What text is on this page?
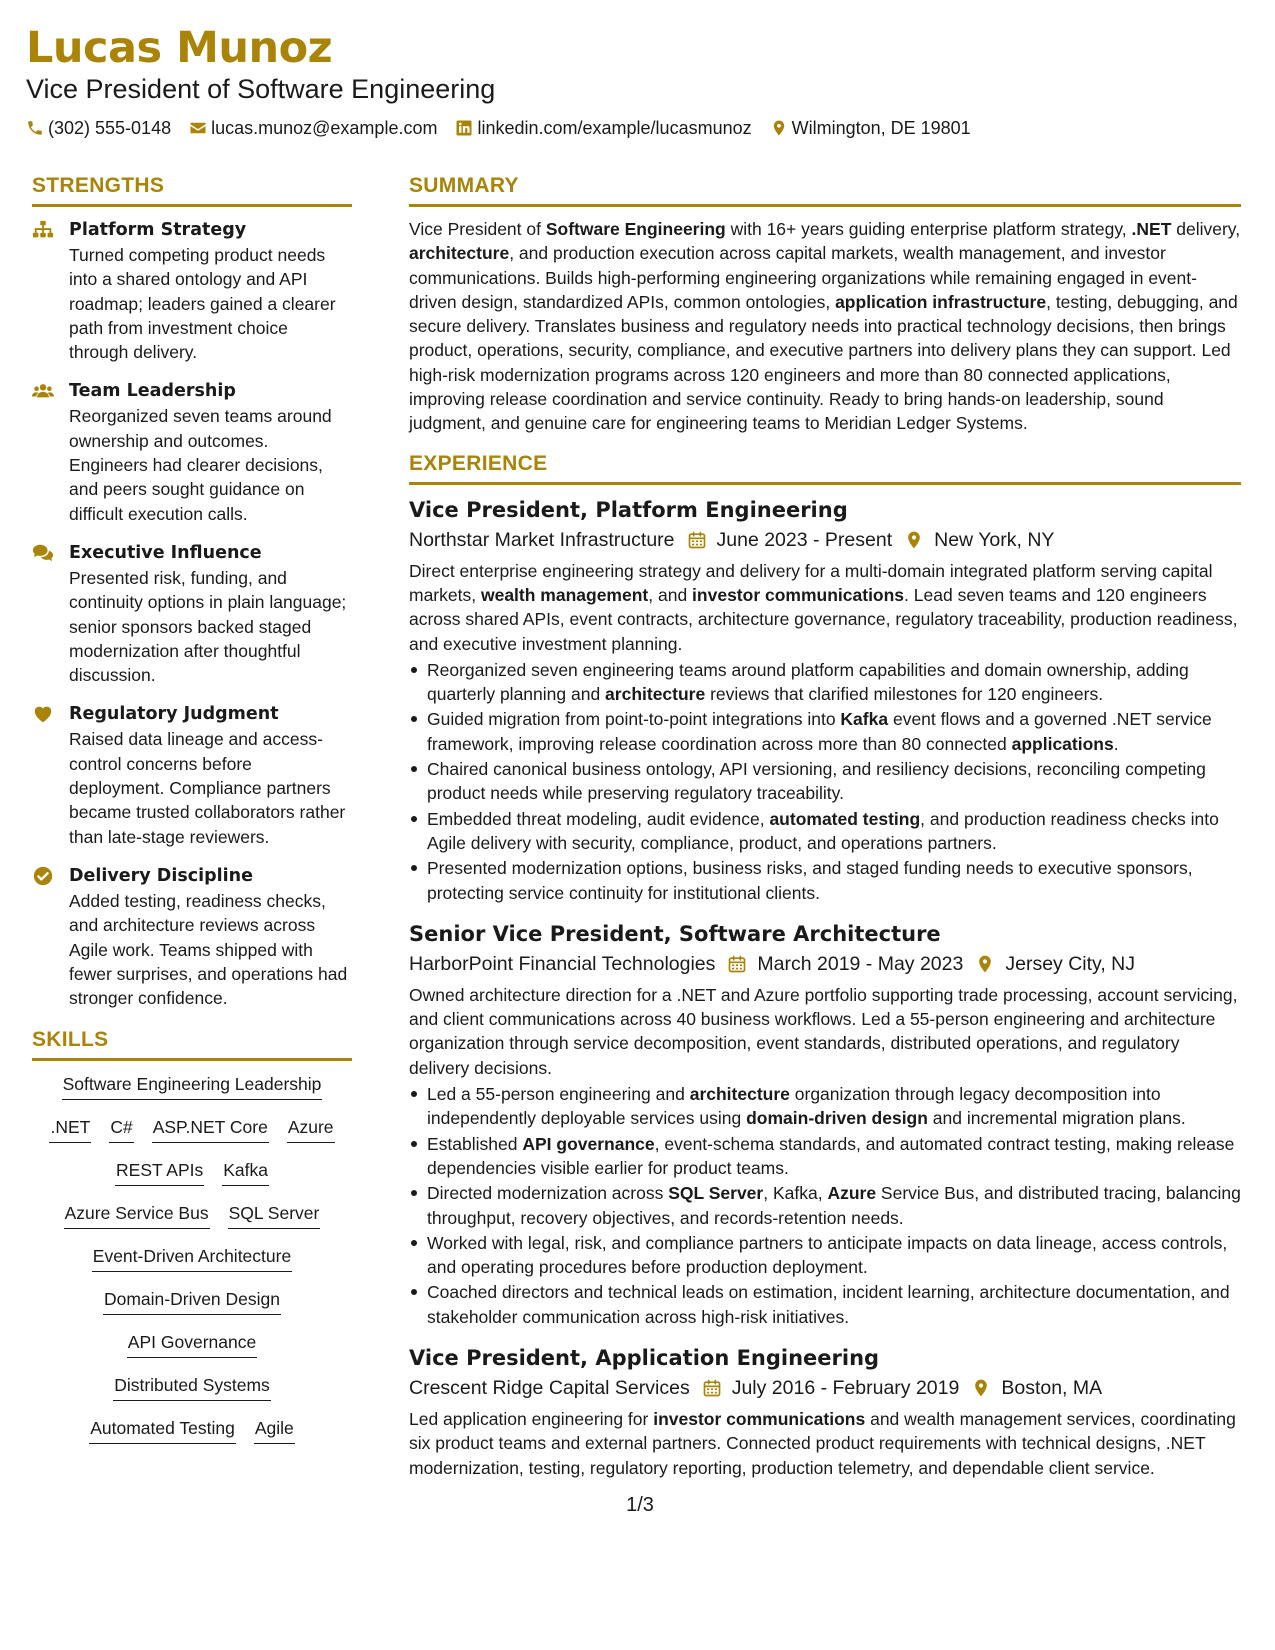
Lucas Munoz
Vice President of Software Engineering
(302) 555-0148 lucas.munoz@example.com linkedin.com/example/lucasmunoz Wilmington, DE 19801
STRENGTHS
Platform Strategy
Turned competing product needs into a shared ontology and API roadmap; leaders gained a clearer path from investment choice through delivery.
Team Leadership
Reorganized seven teams around ownership and outcomes. Engineers had clearer decisions, and peers sought guidance on difficult execution calls.
Executive Influence
Presented risk, funding, and continuity options in plain language; senior sponsors backed staged modernization after thoughtful discussion.
Regulatory Judgment
Raised data lineage and access-control concerns before deployment. Compliance partners became trusted collaborators rather than late-stage reviewers.
Delivery Discipline
Added testing, readiness checks, and architecture reviews across Agile work. Teams shipped with fewer surprises, and operations had stronger confidence.
SKILLS
Software Engineering Leadership
.NET C# ASP.NET Core Azure
REST APIs Kafka
Azure Service Bus SQL Server
Event-Driven Architecture
Domain-Driven Design
API Governance
Distributed Systems
Automated Testing Agile
SUMMARY

Vice President of Software Engineering with 16+ years guiding enterprise platform strategy, .NET delivery, architecture, and production execution across capital markets, wealth management, and investor communications. Builds high-performing engineering organizations while remaining engaged in event-driven design, standardized APIs, common ontologies, application infrastructure, testing, debugging, and secure delivery. Translates business and regulatory needs into practical technology decisions, then brings product, operations, security, compliance, and executive partners into delivery plans they can support. Led high-risk modernization programs across 120 engineers and more than 80 connected applications, improving release coordination and service continuity. Ready to bring hands-on leadership, sound judgment, and genuine care for engineering teams to Meridian Ledger Systems.

EXPERIENCE
Vice President, Platform Engineering
Northstar Market Infrastructure June 2023 - Present New York, NY

Direct enterprise engineering strategy and delivery for a multi-domain integrated platform serving capital markets, wealth management, and investor communications. Lead seven teams and 120 engineers across shared APIs, event contracts, architecture governance, regulatory traceability, production readiness, and executive investment planning.

Reorganized seven engineering teams around platform capabilities and domain ownership, adding quarterly planning and architecture reviews that clarified milestones for 120 engineers.
Guided migration from point-to-point integrations into Kafka event flows and a governed .NET service framework, improving release coordination across more than 80 connected applications.
Chaired canonical business ontology, API versioning, and resiliency decisions, reconciling competing product needs while preserving regulatory traceability.
Embedded threat modeling, audit evidence, automated testing, and production readiness checks into Agile delivery with security, compliance, product, and operations partners.
Presented modernization options, business risks, and staged funding needs to executive sponsors, protecting service continuity for institutional clients.
Senior Vice President, Software Architecture
HarborPoint Financial Technologies March 2019 - May 2023 Jersey City, NJ

Owned architecture direction for a .NET and Azure portfolio supporting trade processing, account servicing, and client communications across 40 business workflows. Led a 55-person engineering and architecture organization through service decomposition, event standards, distributed operations, and regulatory delivery decisions.

Led a 55-person engineering and architecture organization through legacy decomposition into independently deployable services using domain-driven design and incremental migration plans.
Established API governance, event-schema standards, and automated contract testing, making release dependencies visible earlier for product teams.
Directed modernization across SQL Server, Kafka, Azure Service Bus, and distributed tracing, balancing throughput, recovery objectives, and records-retention needs.
Worked with legal, risk, and compliance partners to anticipate impacts on data lineage, access controls, and operating procedures before production deployment.
Coached directors and technical leads on estimation, incident learning, architecture documentation, and stakeholder communication across high-risk initiatives.
Vice President, Application Engineering
Crescent Ridge Capital Services July 2016 - February 2019 Boston, MA

Led application engineering for investor communications and wealth management services, coordinating six product teams and external partners. Connected product requirements with technical designs, .NET modernization, testing, regulatory reporting, production telemetry, and dependable client service.

1/3
